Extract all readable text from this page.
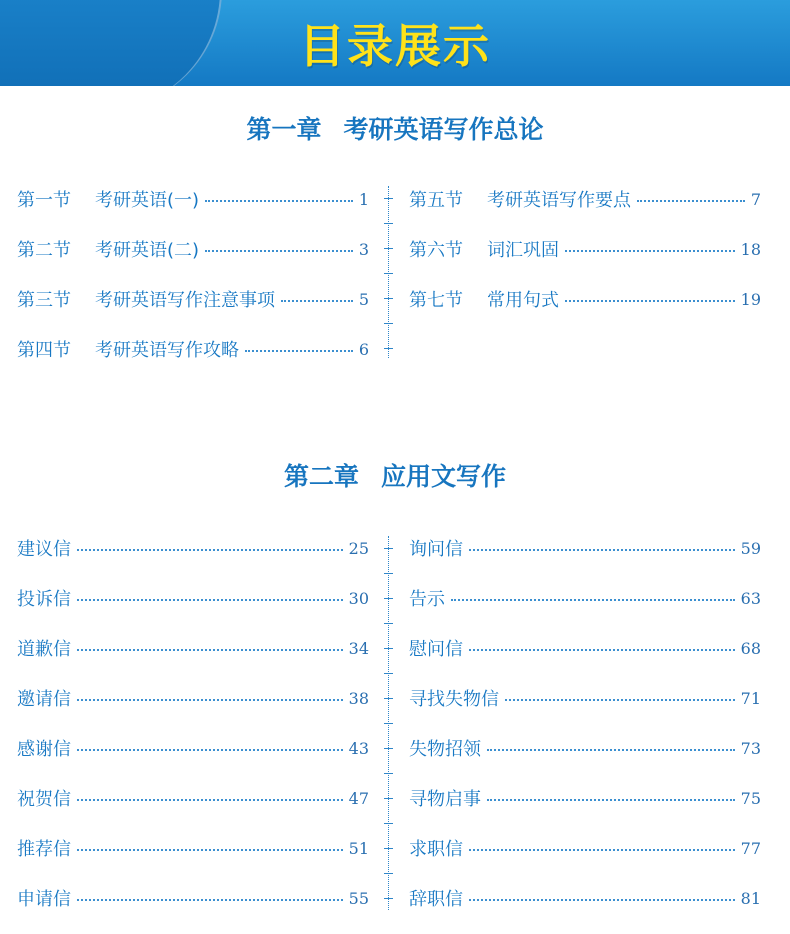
目录展示
第一章 考研英语写作总论
第一节	考研英语(一)	1
第二节	考研英语(二)	3
第三节	考研英语写作注意事项	5
第四节	考研英语写作攻略	6
第五节	考研英语写作要点	7
第六节	词汇巩固	18
第七节	常用句式	19
第二章 应用文写作
建议信	25
投诉信	30
道歉信	34
邀请信	38
感谢信	43
祝贺信	47
推荐信	51
申请信	55
询问信	59
告示	63
慰问信	68
寻找失物信	71
失物招领	73
寻物启事	75
求职信	77
辞职信	81
